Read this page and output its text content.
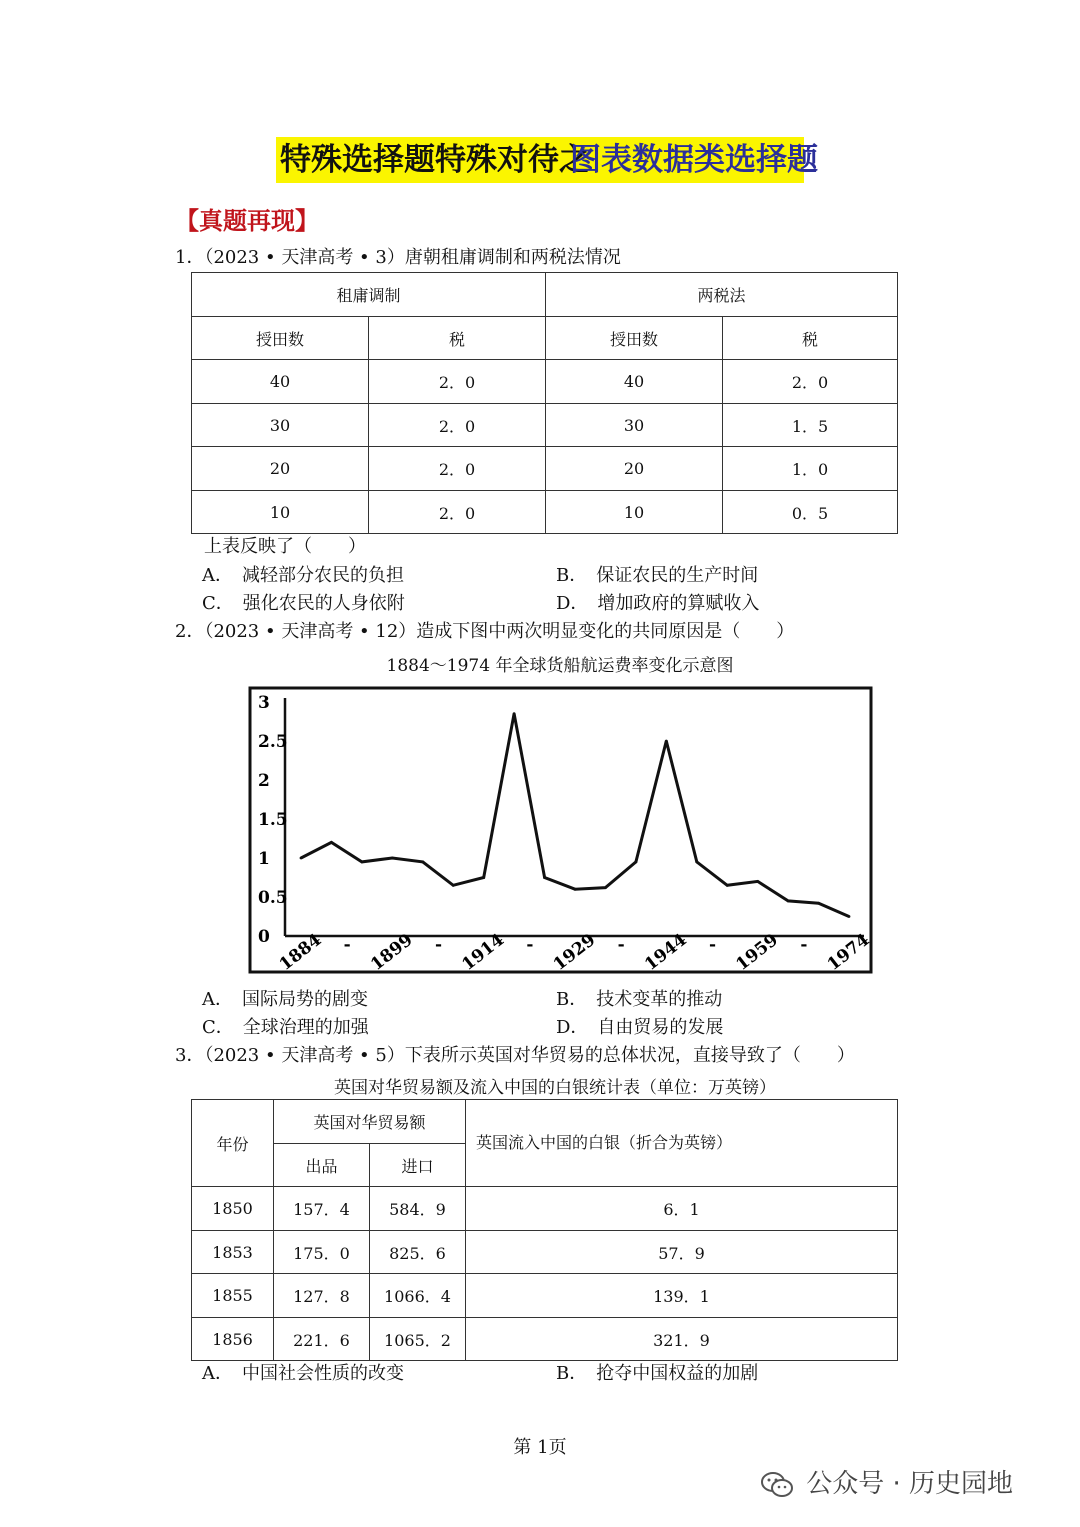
特殊选择题特殊对待之
图表数据类选择题
【真题再现】
1．（2023 • 天津高考 • 3）唐朝租庸调制和两税法情况
租庸调制		两税法	
授田数	税	授田数	税
40	2．0	40	2．0
30	2．0	30	1．5
20	2．0	20	1．0
10	2．0	10	0．5
上表反映了（　　）
A．　减轻部分农民的负担	B．　保证农民的生产时间
C．　强化农民的人身依附	D．　增加政府的算赋收入
2．（2023 • 天津高考 • 12）造成下图中两次明显变化的共同原因是（　　）
1884～1974 年全球货船航运费率变化示意图
0
0.5
1
1.5
2
2.5
3
1884 - 1899 - 1914 - 1929 - 1944 - 1959 - 1974
A．　国际局势的剧变	B．　技术变革的推动
C．　全球治理的加强	D．　自由贸易的发展
3．（2023 • 天津高考 • 5）下表所示英国对华贸易的总体状况，直接导致了（　　）
英国对华贸易额及流入中国的白银统计表（单位：万英镑）
年份	英国对华贸易额		英国流入中国的白银（折合为英镑）
	出品	进口	
1850	157．4	584．9	6．1
1853	175．0	825．6	57．9
1855	127．8	1066．4	139．1
1856	221．6	1065．2	321．9
A．　中国社会性质的改变	B．　抢夺中国权益的加剧
第 1页
公众号 · 历史园地
